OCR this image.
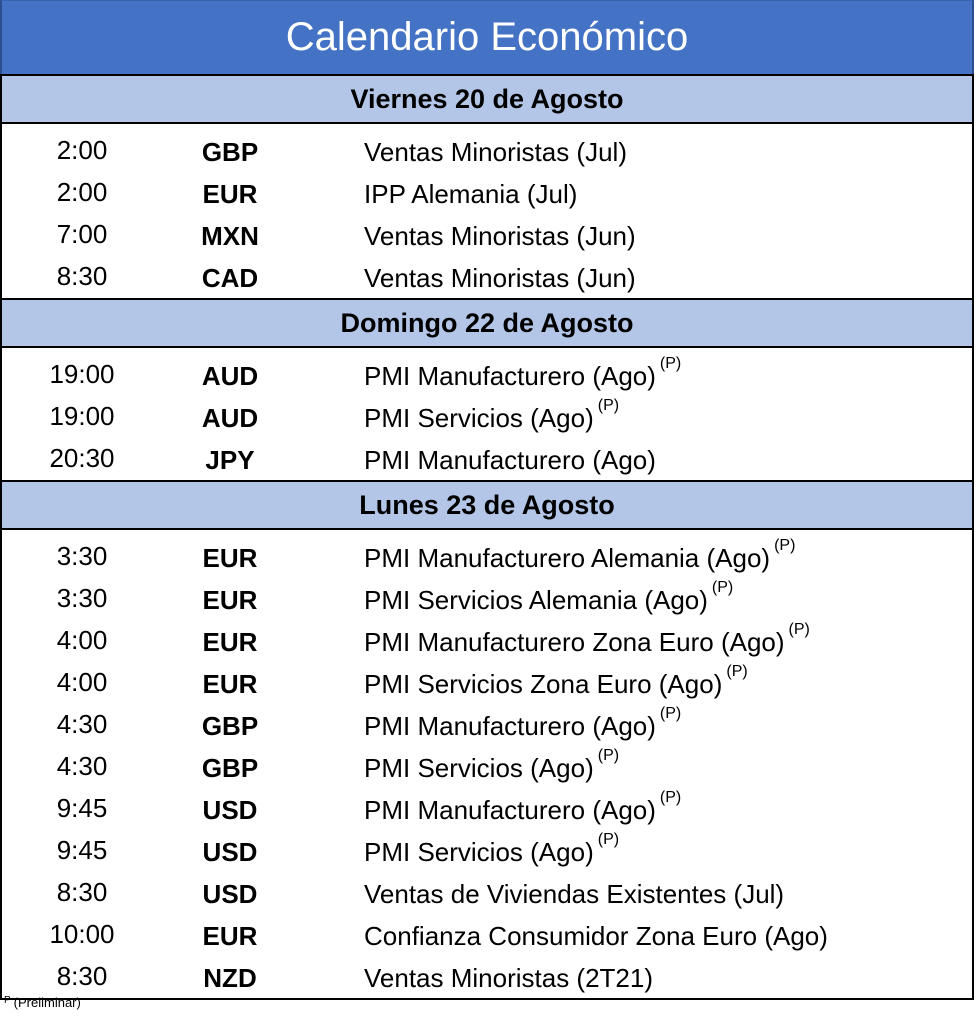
Calendario Económico
Viernes 20 de Agosto
2:00	GBP	Ventas Minoristas (Jul)
2:00	EUR	IPP Alemania (Jul)
7:00	MXN	Ventas Minoristas (Jun)
8:30	CAD	Ventas Minoristas (Jun)
Domingo 22 de Agosto
19:00	AUD	PMI Manufacturero (Ago) $^{(P)}$
19:00	AUD	PMI Servicios (Ago) $^{(P)}$
20:30	JPY	PMI Manufacturero (Ago)
Lunes 23 de Agosto
3:30	EUR	PMI Manufacturero Alemania (Ago) $^{(P)}$
3:30	EUR	PMI Servicios Alemania (Ago) $^{(P)}$
4:00	EUR	PMI Manufacturero Zona Euro (Ago) $^{(P)}$
4:00	EUR	PMI Servicios Zona Euro (Ago) $^{(P)}$
4:30	GBP	PMI Manufacturero (Ago) $^{(P)}$
4:30	GBP	PMI Servicios (Ago) $^{(P)}$
9:45	USD	PMI Manufacturero (Ago) $^{(P)}$
9:45	USD	PMI Servicios (Ago) $^{(P)}$
8:30	USD	Ventas de Viviendas Existentes (Jul)
10:00	EUR	Confianza Consumidor Zona Euro (Ago)
8:30	NZD	Ventas Minoristas (2T21)
$^P$ (Preliminar)
